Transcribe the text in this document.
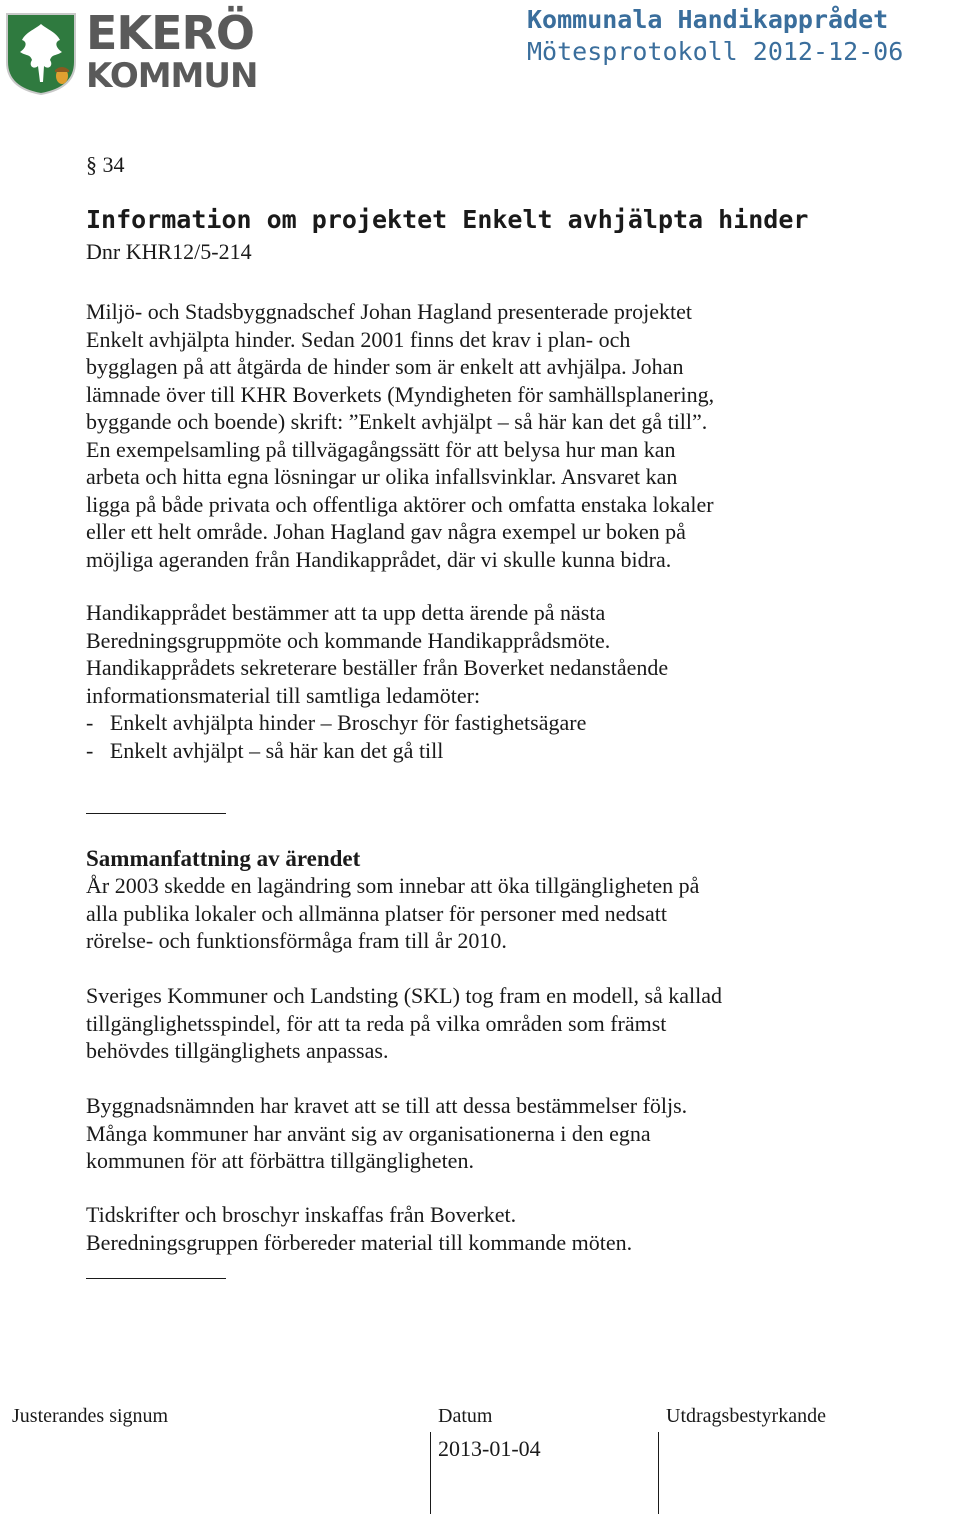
EKERÖ
KOMMUN
Kommunala Handikapprådet
Mötesprotokoll 2012-12-06
§ 34
Information om projektet Enkelt avhjälpta hinder
Dnr KHR12/5-214
Miljö- och Stadsbyggnadschef Johan Hagland presenterade projektet
Enkelt avhjälpta hinder. Sedan 2001 finns det krav i plan- och
bygglagen på att åtgärda de hinder som är enkelt att avhjälpa. Johan
lämnade över till KHR Boverkets (Myndigheten för samhällsplanering,
byggande och boende) skrift: ”Enkelt avhjälpt – så här kan det gå till”.
En exempelsamling på tillvägagångssätt för att belysa hur man kan
arbeta och hitta egna lösningar ur olika infallsvinklar. Ansvaret kan
ligga på både privata och offentliga aktörer och omfatta enstaka lokaler
eller ett helt område. Johan Hagland gav några exempel ur boken på
möjliga ageranden från Handikapprådet, där vi skulle kunna bidra.
Handikapprådet bestämmer att ta upp detta ärende på nästa
Beredningsgruppmöte och kommande Handikapprådsmöte.
Handikapprådets sekreterare beställer från Boverket nedanstående
informationsmaterial till samtliga ledamöter:
-   Enkelt avhjälpta hinder – Broschyr för fastighetsägare
-   Enkelt avhjälpt – så här kan det gå till
Sammanfattning av ärendet
År 2003 skedde en lagändring som innebar att öka tillgängligheten på
alla publika lokaler och allmänna platser för personer med nedsatt
rörelse- och funktionsförmåga fram till år 2010.
Sveriges Kommuner och Landsting (SKL) tog fram en modell, så kallad
tillgänglighetsspindel, för att ta reda på vilka områden som främst
behövdes tillgänglighets anpassas.
Byggnadsnämnden har kravet att se till att dessa bestämmelser följs.
Många kommuner har använt sig av organisationerna i den egna
kommunen för att förbättra tillgängligheten.
Tidskrifter och broschyr inskaffas från Boverket.
Beredningsgruppen förbereder material till kommande möten.
Justerandes signum	Datum	Utdragsbestyrkande
2013-01-04
